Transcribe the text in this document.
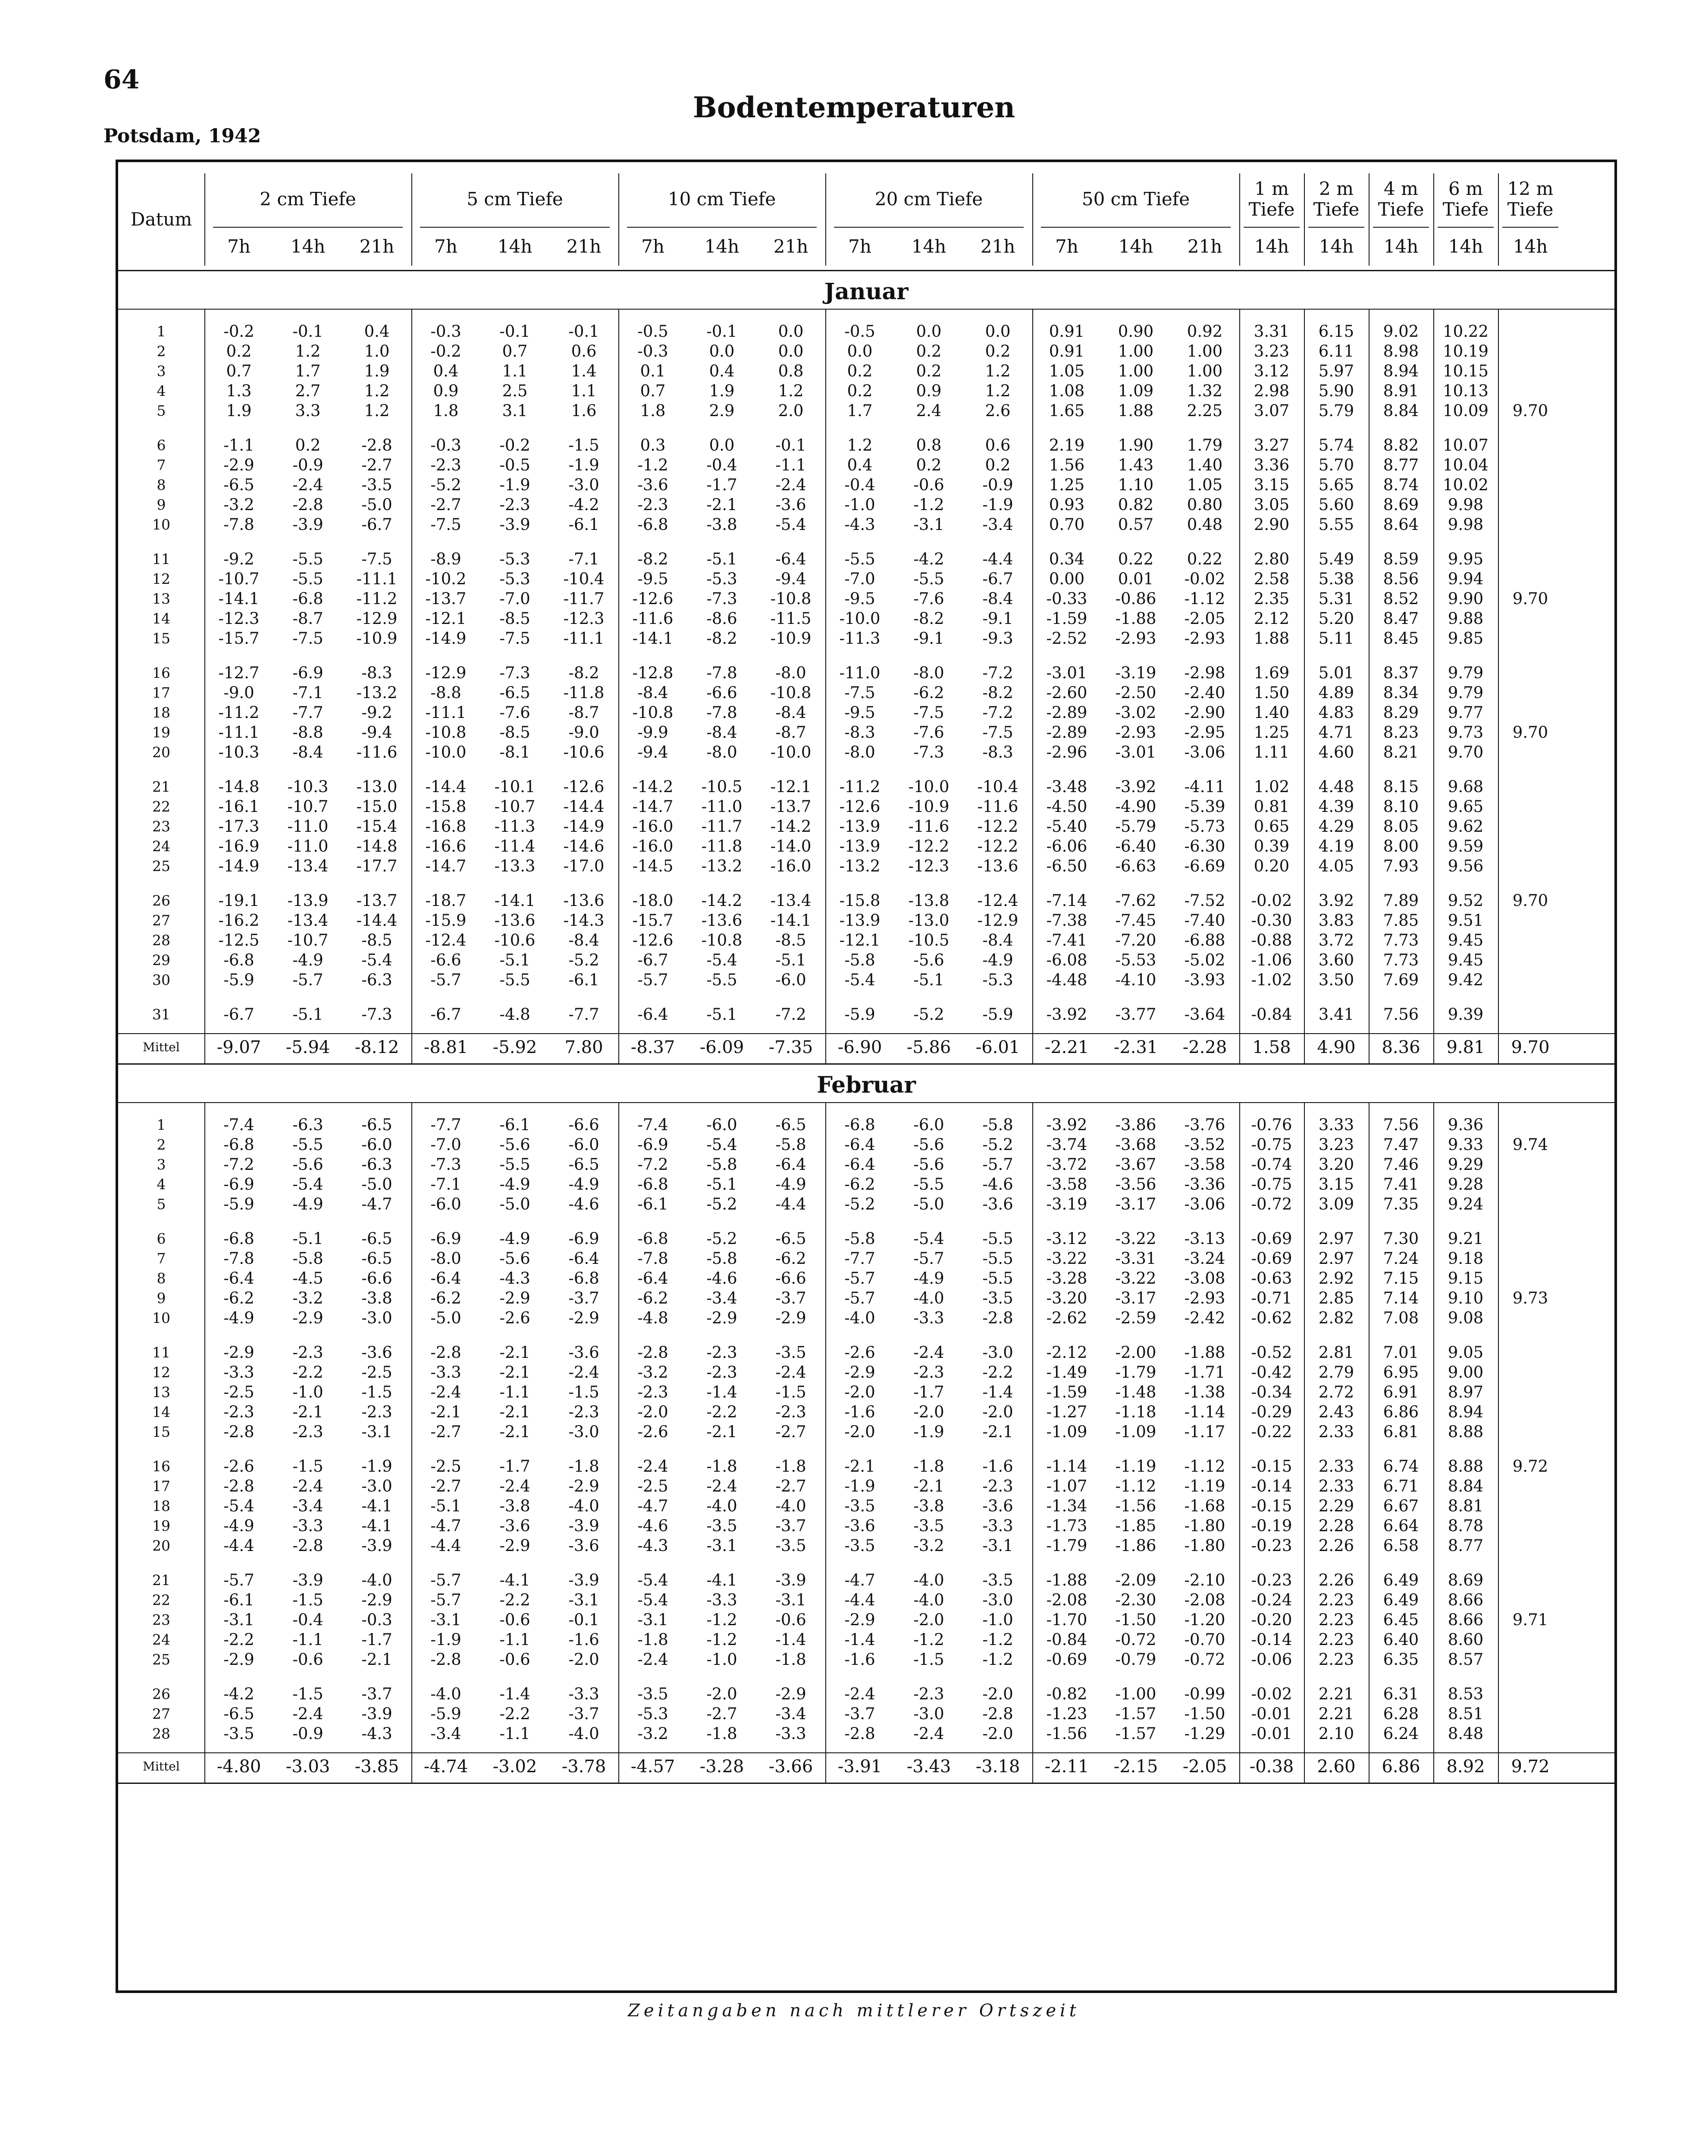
64
Bodentemperaturen
Potsdam, 1942
Datum
2 cm Tiefe
7h	14h	21h
5 cm Tiefe
7h	14h	21h
10 cm Tiefe
7h	14h	21h
20 cm Tiefe
7h	14h	21h
50 cm Tiefe
7h	14h	21h
1 m Tiefe
14h
2 m Tiefe
14h
4 m Tiefe
14h
6 m Tiefe
14h
12 m Tiefe
14h
Januar
1	-0.2	-0.1	0.4	-0.3	-0.1	-0.1	-0.5	-0.1	0.0	-0.5	0.0	0.0	0.91	0.90	0.92	3.31	6.15	9.02	10.22
2	0.2	1.2	1.0	-0.2	0.7	0.6	-0.3	0.0	0.0	0.0	0.2	0.2	0.91	1.00	1.00	3.23	6.11	8.98	10.19
3	0.7	1.7	1.9	0.4	1.1	1.4	0.1	0.4	0.8	0.2	0.2	1.2	1.05	1.00	1.00	3.12	5.97	8.94	10.15
4	1.3	2.7	1.2	0.9	2.5	1.1	0.7	1.9	1.2	0.2	0.9	1.2	1.08	1.09	1.32	2.98	5.90	8.91	10.13
5	1.9	3.3	1.2	1.8	3.1	1.6	1.8	2.9	2.0	1.7	2.4	2.6	1.65	1.88	2.25	3.07	5.79	8.84	10.09	9.70
6	-1.1	0.2	-2.8	-0.3	-0.2	-1.5	0.3	0.0	-0.1	1.2	0.8	0.6	2.19	1.90	1.79	3.27	5.74	8.82	10.07
7	-2.9	-0.9	-2.7	-2.3	-0.5	-1.9	-1.2	-0.4	-1.1	0.4	0.2	0.2	1.56	1.43	1.40	3.36	5.70	8.77	10.04
8	-6.5	-2.4	-3.5	-5.2	-1.9	-3.0	-3.6	-1.7	-2.4	-0.4	-0.6	-0.9	1.25	1.10	1.05	3.15	5.65	8.74	10.02
9	-3.2	-2.8	-5.0	-2.7	-2.3	-4.2	-2.3	-2.1	-3.6	-1.0	-1.2	-1.9	0.93	0.82	0.80	3.05	5.60	8.69	9.98
10	-7.8	-3.9	-6.7	-7.5	-3.9	-6.1	-6.8	-3.8	-5.4	-4.3	-3.1	-3.4	0.70	0.57	0.48	2.90	5.55	8.64	9.98
11	-9.2	-5.5	-7.5	-8.9	-5.3	-7.1	-8.2	-5.1	-6.4	-5.5	-4.2	-4.4	0.34	0.22	0.22	2.80	5.49	8.59	9.95
12	-10.7	-5.5	-11.1	-10.2	-5.3	-10.4	-9.5	-5.3	-9.4	-7.0	-5.5	-6.7	0.00	0.01	-0.02	2.58	5.38	8.56	9.94
13	-14.1	-6.8	-11.2	-13.7	-7.0	-11.7	-12.6	-7.3	-10.8	-9.5	-7.6	-8.4	-0.33	-0.86	-1.12	2.35	5.31	8.52	9.90	9.70
14	-12.3	-8.7	-12.9	-12.1	-8.5	-12.3	-11.6	-8.6	-11.5	-10.0	-8.2	-9.1	-1.59	-1.88	-2.05	2.12	5.20	8.47	9.88
15	-15.7	-7.5	-10.9	-14.9	-7.5	-11.1	-14.1	-8.2	-10.9	-11.3	-9.1	-9.3	-2.52	-2.93	-2.93	1.88	5.11	8.45	9.85
16	-12.7	-6.9	-8.3	-12.9	-7.3	-8.2	-12.8	-7.8	-8.0	-11.0	-8.0	-7.2	-3.01	-3.19	-2.98	1.69	5.01	8.37	9.79
17	-9.0	-7.1	-13.2	-8.8	-6.5	-11.8	-8.4	-6.6	-10.8	-7.5	-6.2	-8.2	-2.60	-2.50	-2.40	1.50	4.89	8.34	9.79
18	-11.2	-7.7	-9.2	-11.1	-7.6	-8.7	-10.8	-7.8	-8.4	-9.5	-7.5	-7.2	-2.89	-3.02	-2.90	1.40	4.83	8.29	9.77
19	-11.1	-8.8	-9.4	-10.8	-8.5	-9.0	-9.9	-8.4	-8.7	-8.3	-7.6	-7.5	-2.89	-2.93	-2.95	1.25	4.71	8.23	9.73	9.70
20	-10.3	-8.4	-11.6	-10.0	-8.1	-10.6	-9.4	-8.0	-10.0	-8.0	-7.3	-8.3	-2.96	-3.01	-3.06	1.11	4.60	8.21	9.70
21	-14.8	-10.3	-13.0	-14.4	-10.1	-12.6	-14.2	-10.5	-12.1	-11.2	-10.0	-10.4	-3.48	-3.92	-4.11	1.02	4.48	8.15	9.68
22	-16.1	-10.7	-15.0	-15.8	-10.7	-14.4	-14.7	-11.0	-13.7	-12.6	-10.9	-11.6	-4.50	-4.90	-5.39	0.81	4.39	8.10	9.65
23	-17.3	-11.0	-15.4	-16.8	-11.3	-14.9	-16.0	-11.7	-14.2	-13.9	-11.6	-12.2	-5.40	-5.79	-5.73	0.65	4.29	8.05	9.62
24	-16.9	-11.0	-14.8	-16.6	-11.4	-14.6	-16.0	-11.8	-14.0	-13.9	-12.2	-12.2	-6.06	-6.40	-6.30	0.39	4.19	8.00	9.59
25	-14.9	-13.4	-17.7	-14.7	-13.3	-17.0	-14.5	-13.2	-16.0	-13.2	-12.3	-13.6	-6.50	-6.63	-6.69	0.20	4.05	7.93	9.56
26	-19.1	-13.9	-13.7	-18.7	-14.1	-13.6	-18.0	-14.2	-13.4	-15.8	-13.8	-12.4	-7.14	-7.62	-7.52	-0.02	3.92	7.89	9.52	9.70
27	-16.2	-13.4	-14.4	-15.9	-13.6	-14.3	-15.7	-13.6	-14.1	-13.9	-13.0	-12.9	-7.38	-7.45	-7.40	-0.30	3.83	7.85	9.51
28	-12.5	-10.7	-8.5	-12.4	-10.6	-8.4	-12.6	-10.8	-8.5	-12.1	-10.5	-8.4	-7.41	-7.20	-6.88	-0.88	3.72	7.73	9.45
29	-6.8	-4.9	-5.4	-6.6	-5.1	-5.2	-6.7	-5.4	-5.1	-5.8	-5.6	-4.9	-6.08	-5.53	-5.02	-1.06	3.60	7.73	9.45
30	-5.9	-5.7	-6.3	-5.7	-5.5	-6.1	-5.7	-5.5	-6.0	-5.4	-5.1	-5.3	-4.48	-4.10	-3.93	-1.02	3.50	7.69	9.42
31	-6.7	-5.1	-7.3	-6.7	-4.8	-7.7	-6.4	-5.1	-7.2	-5.9	-5.2	-5.9	-3.92	-3.77	-3.64	-0.84	3.41	7.56	9.39
Mittel	-9.07	-5.94	-8.12	-8.81	-5.92	7.80	-8.37	-6.09	-7.35	-6.90	-5.86	-6.01	-2.21	-2.31	-2.28	1.58	4.90	8.36	9.81	9.70
Februar
1	-7.4	-6.3	-6.5	-7.7	-6.1	-6.6	-7.4	-6.0	-6.5	-6.8	-6.0	-5.8	-3.92	-3.86	-3.76	-0.76	3.33	7.56	9.36
2	-6.8	-5.5	-6.0	-7.0	-5.6	-6.0	-6.9	-5.4	-5.8	-6.4	-5.6	-5.2	-3.74	-3.68	-3.52	-0.75	3.23	7.47	9.33	9.74
3	-7.2	-5.6	-6.3	-7.3	-5.5	-6.5	-7.2	-5.8	-6.4	-6.4	-5.6	-5.7	-3.72	-3.67	-3.58	-0.74	3.20	7.46	9.29
4	-6.9	-5.4	-5.0	-7.1	-4.9	-4.9	-6.8	-5.1	-4.9	-6.2	-5.5	-4.6	-3.58	-3.56	-3.36	-0.75	3.15	7.41	9.28
5	-5.9	-4.9	-4.7	-6.0	-5.0	-4.6	-6.1	-5.2	-4.4	-5.2	-5.0	-3.6	-3.19	-3.17	-3.06	-0.72	3.09	7.35	9.24
6	-6.8	-5.1	-6.5	-6.9	-4.9	-6.9	-6.8	-5.2	-6.5	-5.8	-5.4	-5.5	-3.12	-3.22	-3.13	-0.69	2.97	7.30	9.21
7	-7.8	-5.8	-6.5	-8.0	-5.6	-6.4	-7.8	-5.8	-6.2	-7.7	-5.7	-5.5	-3.22	-3.31	-3.24	-0.69	2.97	7.24	9.18
8	-6.4	-4.5	-6.6	-6.4	-4.3	-6.8	-6.4	-4.6	-6.6	-5.7	-4.9	-5.5	-3.28	-3.22	-3.08	-0.63	2.92	7.15	9.15
9	-6.2	-3.2	-3.8	-6.2	-2.9	-3.7	-6.2	-3.4	-3.7	-5.7	-4.0	-3.5	-3.20	-3.17	-2.93	-0.71	2.85	7.14	9.10	9.73
10	-4.9	-2.9	-3.0	-5.0	-2.6	-2.9	-4.8	-2.9	-2.9	-4.0	-3.3	-2.8	-2.62	-2.59	-2.42	-0.62	2.82	7.08	9.08
11	-2.9	-2.3	-3.6	-2.8	-2.1	-3.6	-2.8	-2.3	-3.5	-2.6	-2.4	-3.0	-2.12	-2.00	-1.88	-0.52	2.81	7.01	9.05
12	-3.3	-2.2	-2.5	-3.3	-2.1	-2.4	-3.2	-2.3	-2.4	-2.9	-2.3	-2.2	-1.49	-1.79	-1.71	-0.42	2.79	6.95	9.00
13	-2.5	-1.0	-1.5	-2.4	-1.1	-1.5	-2.3	-1.4	-1.5	-2.0	-1.7	-1.4	-1.59	-1.48	-1.38	-0.34	2.72	6.91	8.97
14	-2.3	-2.1	-2.3	-2.1	-2.1	-2.3	-2.0	-2.2	-2.3	-1.6	-2.0	-2.0	-1.27	-1.18	-1.14	-0.29	2.43	6.86	8.94
15	-2.8	-2.3	-3.1	-2.7	-2.1	-3.0	-2.6	-2.1	-2.7	-2.0	-1.9	-2.1	-1.09	-1.09	-1.17	-0.22	2.33	6.81	8.88
16	-2.6	-1.5	-1.9	-2.5	-1.7	-1.8	-2.4	-1.8	-1.8	-2.1	-1.8	-1.6	-1.14	-1.19	-1.12	-0.15	2.33	6.74	8.88	9.72
17	-2.8	-2.4	-3.0	-2.7	-2.4	-2.9	-2.5	-2.4	-2.7	-1.9	-2.1	-2.3	-1.07	-1.12	-1.19	-0.14	2.33	6.71	8.84
18	-5.4	-3.4	-4.1	-5.1	-3.8	-4.0	-4.7	-4.0	-4.0	-3.5	-3.8	-3.6	-1.34	-1.56	-1.68	-0.15	2.29	6.67	8.81
19	-4.9	-3.3	-4.1	-4.7	-3.6	-3.9	-4.6	-3.5	-3.7	-3.6	-3.5	-3.3	-1.73	-1.85	-1.80	-0.19	2.28	6.64	8.78
20	-4.4	-2.8	-3.9	-4.4	-2.9	-3.6	-4.3	-3.1	-3.5	-3.5	-3.2	-3.1	-1.79	-1.86	-1.80	-0.23	2.26	6.58	8.77
21	-5.7	-3.9	-4.0	-5.7	-4.1	-3.9	-5.4	-4.1	-3.9	-4.7	-4.0	-3.5	-1.88	-2.09	-2.10	-0.23	2.26	6.49	8.69
22	-6.1	-1.5	-2.9	-5.7	-2.2	-3.1	-5.4	-3.3	-3.1	-4.4	-4.0	-3.0	-2.08	-2.30	-2.08	-0.24	2.23	6.49	8.66
23	-3.1	-0.4	-0.3	-3.1	-0.6	-0.1	-3.1	-1.2	-0.6	-2.9	-2.0	-1.0	-1.70	-1.50	-1.20	-0.20	2.23	6.45	8.66	9.71
24	-2.2	-1.1	-1.7	-1.9	-1.1	-1.6	-1.8	-1.2	-1.4	-1.4	-1.2	-1.2	-0.84	-0.72	-0.70	-0.14	2.23	6.40	8.60
25	-2.9	-0.6	-2.1	-2.8	-0.6	-2.0	-2.4	-1.0	-1.8	-1.6	-1.5	-1.2	-0.69	-0.79	-0.72	-0.06	2.23	6.35	8.57
26	-4.2	-1.5	-3.7	-4.0	-1.4	-3.3	-3.5	-2.0	-2.9	-2.4	-2.3	-2.0	-0.82	-1.00	-0.99	-0.02	2.21	6.31	8.53
27	-6.5	-2.4	-3.9	-5.9	-2.2	-3.7	-5.3	-2.7	-3.4	-3.7	-3.0	-2.8	-1.23	-1.57	-1.50	-0.01	2.21	6.28	8.51
28	-3.5	-0.9	-4.3	-3.4	-1.1	-4.0	-3.2	-1.8	-3.3	-2.8	-2.4	-2.0	-1.56	-1.57	-1.29	-0.01	2.10	6.24	8.48
Mittel	-4.80	-3.03	-3.85	-4.74	-3.02	-3.78	-4.57	-3.28	-3.66	-3.91	-3.43	-3.18	-2.11	-2.15	-2.05	-0.38	2.60	6.86	8.92	9.72
Zeitangaben nach mittlerer Ortszeit
